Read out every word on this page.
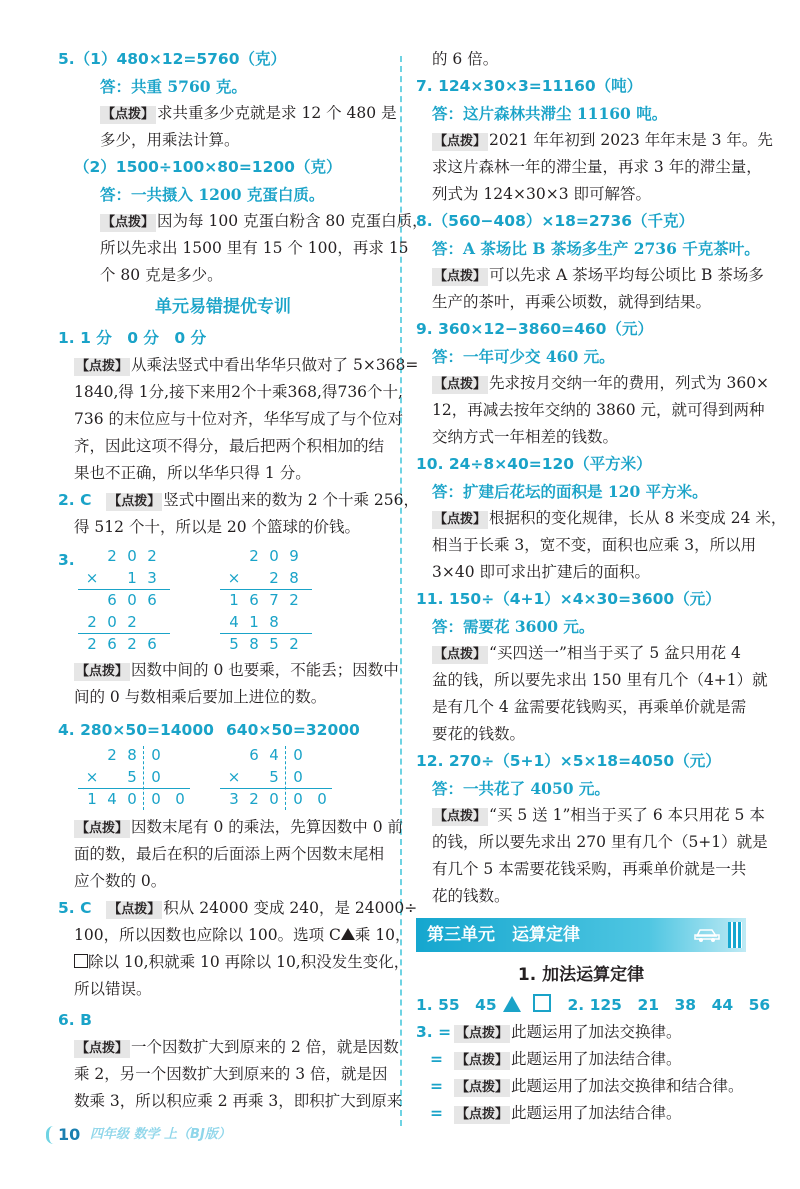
5.（1）480×12=5760（克）
答：共重 5760 克。
【 点拨 】 求共重多少克就是求 12 个 480 是
多少，用乘法计算。
（2）1500÷100×80=1200（克）
答：一共摄入 1200 克蛋白质。
【 点拨 】 因为每 100 克蛋白粉含 80 克蛋白质，
所以先求出 1500 里有 15 个 100，再求 15
个 80 克是多少。
单元易错提优专训
1. 1 分　0 分　0 分
【 点拨 】 从乘法竖式中看出华华只做对了 5×368=
1840,得 1分,接下来用2个十乘368,得736个十,
736 的末位应与十位对齐，华华写成了与个位对
齐，因此这项不得分，最后把两个积相加的结
果也不正确，所以华华只得 1 分。
2. C 【 点拨 】 竖式中圈出来的数为 2 个十乘 256，
得 512 个十，所以是 20 个篮球的价钱。
3.	2 0 2
×	1 3
6 0 6
2 0 2
2 6 2 6
2 0 9
×	2 8
1 6 7 2
4 1 8
5 8 5 2
【 点拨 】 因数中间的 0 也要乘，不能丢；因数中
间的 0 与数相乘后要加上进位的数。
4. 280×50=14000 640×50=32000
2 8 0
×	5 0
1 4 0 0 0
6 4 0
×	5 0
3 2 0 0 0
【 点拨 】 因数末尾有 0 的乘法，先算因数中 0 前
面的数，最后在积的后面添上两个因数末尾相
应个数的 0。
5. C 【 点拨 】 积从 24000 变成 240，是 24000÷
100，所以因数也应除以 100。选项 C 乘 10，
除以 10,积就乘 10 再除以 10,积没发生变化，
所以错误。
6. B
【 点拨 】 一个因数扩大到原来的 2 倍，就是因数
乘 2，另一个因数扩大到原来的 3 倍，就是因
数乘 3，所以积应乘 2 再乘 3，即积扩大到原来
的 6 倍。
7. 124×30×3=11160（吨）
答：这片森林共滞尘 11160 吨。
【 点拨 】 2021 年年初到 2023 年年末是 3 年。先
求这片森林一年的滞尘量，再求 3 年的滞尘量，
列式为 124×30×3 即可解答。
8.（560−408）×18=2736（千克）
答：A 茶场比 B 茶场多生产 2736 千克茶叶。
【 点拨 】 可以先求 A 茶场平均每公顷比 B 茶场多
生产的茶叶，再乘公顷数，就得到结果。
9. 360×12−3860=460（元）
答：一年可少交 460 元。
【 点拨 】 先求按月交纳一年的费用，列式为 360×
12，再减去按年交纳的 3860 元，就可得到两种
交纳方式一年相差的钱数。
10. 24÷8×40=120（平方米）
答：扩建后花坛的面积是 120 平方米。
【 点拨 】 根据积的变化规律，长从 8 米变成 24 米，
相当于长乘 3，宽不变，面积也应乘 3，所以用
3×40 即可求出扩建后的面积。
11. 150÷（4+1）×4×30=3600（元）
答：需要花 3600 元。
【 点拨 】 “买四送一”相当于买了 5 盆只用花 4
盆的钱，所以要先求出 150 里有几个（4+1）就
是有几个 4 盆需要花钱购买，再乘单价就是需
要花的钱数。
12. 270÷（5+1）×5×18=4050（元）
答：一共花了 4050 元。
【 点拨 】 “买 5 送 1”相当于买了 6 本只用花 5 本
的钱，所以要先求出 270 里有几个（5+1）就是
有几个 5 本需要花钱采购，再乘单价就是一共
花的钱数。
第三单元　运算定律
1. 加法运算定律
1. 55　45	2. 125　21　38　44　56
3. = 【 点拨 】 此题运用了加法交换律。
= 【 点拨 】 此题运用了加法结合律。
= 【 点拨 】 此题运用了加法交换律和结合律。
= 【 点拨 】 此题运用了加法结合律。
10 四年级 数学 上（BJ版）
